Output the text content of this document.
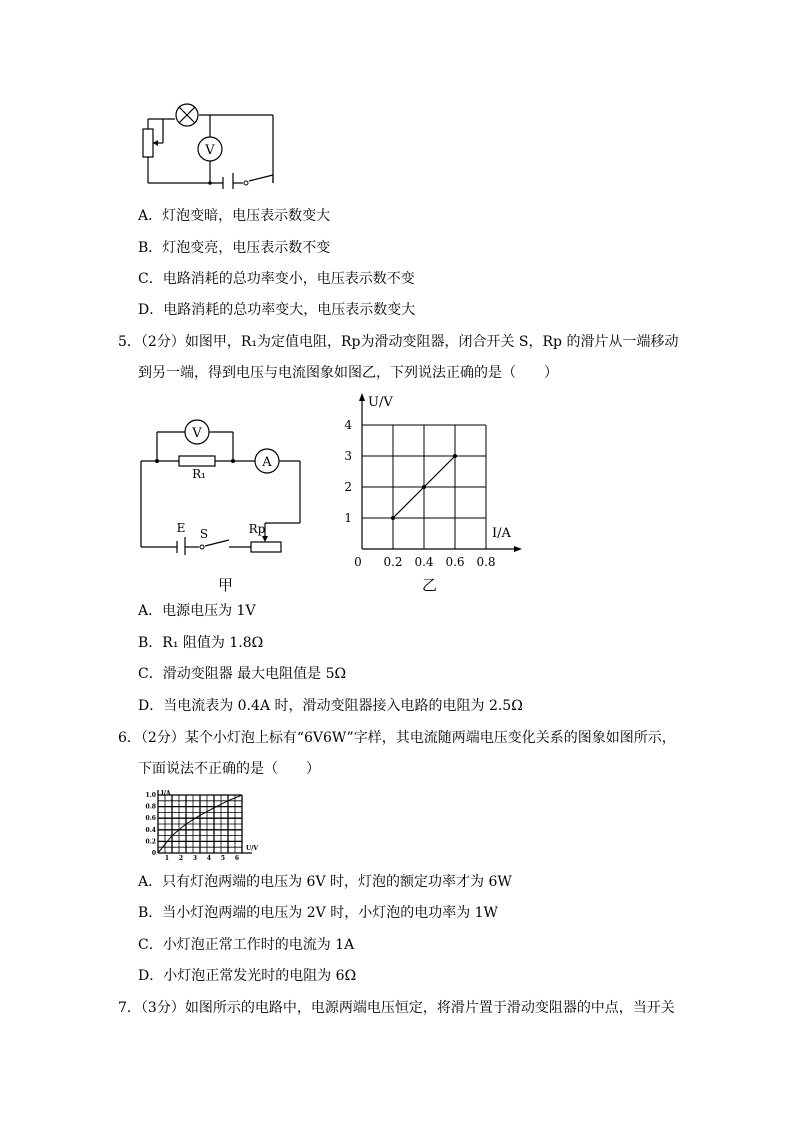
V
A．灯泡变暗，电压表示数变大
B．灯泡变亮，电压表示数不变
C．电路消耗的总功率变小，电压表示数不变
D．电路消耗的总功率变大，电压表示数变大
5．（2分）如图甲，R₁为定值电阻，Rp为滑动变阻器，闭合开关 S，Rp 的滑片从一端移动
到另一端，得到电压与电流图象如图乙，下列说法正确的是（　　）
V
R₁
A
E S	Rp
甲
U/V
I/A
0 0.2 0.4 0.6 0.8
1
2
3
4
乙
A．电源电压为 1V
B．R₁ 阻值为 1.8Ω
C．滑动变阻器 最大电阻值是 5Ω
D．当电流表为 0.4A 时，滑动变阻器接入电路的电阻为 2.5Ω
6．（2分）某个小灯泡上标有“6V6W”字样，其电流随两端电压变化关系的图象如图所示，
下面说法不正确的是（　　）
I/A
U/V
1 2 3 4 5 6
0
0.2
0.4
0.6
0.8
1.0
A．只有灯泡两端的电压为 6V 时，灯泡的额定功率才为 6W
B．当小灯泡两端的电压为 2V 时，小灯泡的电功率为 1W
C．小灯泡正常工作时的电流为 1A
D．小灯泡正常发光时的电阻为 6Ω
7．（3分）如图所示的电路中，电源两端电压恒定，将滑片置于滑动变阻器的中点，当开关
